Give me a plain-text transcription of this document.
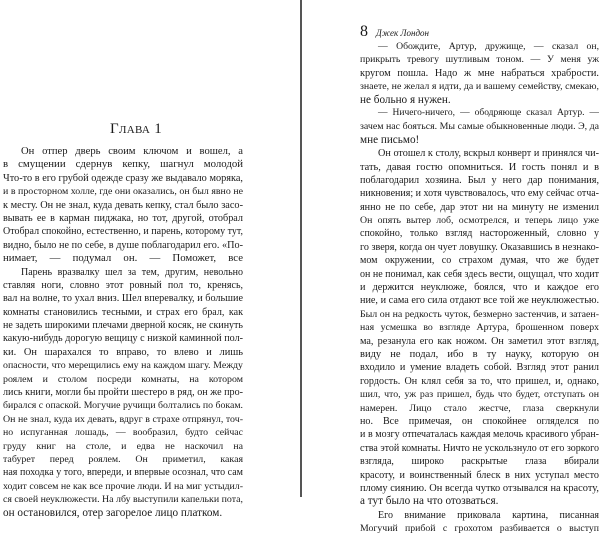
Глава 1
Он отпер дверь своим ключом и вошел, а
в смущении сдернув кепку, шагнул молодой
Что-то в его грубой одежде сразу же выдавало моряка,
и в просторном холле, где они оказались, он был явно не
к месту. Он не знал, куда девать кепку, стал было засо-
вывать ее в карман пиджака, но тот, другой, отобрал
Отобрал спокойно, естественно, и парень, которому тут,
видно, было не по себе, в душе поблагодарил его. «По-
нимает, — подумал он. — Поможет, все
Парень вразвалку шел за тем, другим, невольно
ставляя ноги, словно этот ровный пол то, кренясь,
вал на волне, то ухал вниз. Шел вперевалку, и большие
комнаты становились тесными, и страх его брал, как
не задеть широкими плечами дверной косяк, не скинуть
какую-нибудь дорогую вещицу с низкой каминной пол-
ки. Он шарахался то вправо, то влево и лишь
опасности, что мерещились ему на каждом шагу. Между
роялем и столом посреди комнаты, на котором
лись книги, могли бы пройти шестеро в ряд, он же про-
бирался с опаской. Могучие ручищи болтались по бокам.
Он не знал, куда их девать, вдруг в страхе отпрянул, точ-
но испуганная лошадь, — вообразил, будто сейчас
груду книг на столе, и едва не наскочил на
табурет перед роялем. Он приметил, какая
ная походка у того, впереди, и впервые осознал, что сам
ходит совсем не как все прочие люди. И на миг устыдил-
ся своей неуклюжести. На лбу выступили капельки пота,
он остановился, отер загорелое лицо платком.
8 Джек Лондон
— Обождите, Артур, дружище, — сказал он,
прикрыть тревогу шутливым тоном. — У меня уж
кругом пошла. Надо ж мне набраться храбрости.
знаете, не желал я идти, да и вашему семейству, смекаю,
не больно я нужен.
— Ничего-ничего, — ободряюще сказал Артур. —
зачем нас бояться. Мы самые обыкновенные люди. Э, да
мне письмо!
Он отошел к столу, вскрыл конверт и принялся чи-
тать, давая гостю опомниться. И гость понял и в
поблагодарил хозяина. Был у него дар понимания,
никновения; и хотя чувствовалось, что ему сейчас отча-
янно не по себе, дар этот ни на минуту не изменил
Он опять вытер лоб, осмотрелся, и теперь лицо уже
спокойно, только взгляд настороженный, словно у
го зверя, когда он чует ловушку. Оказавшись в незнако-
мом окружении, со страхом думая, что же будет
он не понимал, как себя здесь вести, ощущал, что ходит
и держится неуклюже, боялся, что и каждое его
ние, и сама его сила отдают все той же неуклюжестью.
Был он на редкость чуток, безмерно застенчив, и затаен-
ная усмешка во взгляде Артура, брошенном поверх
ма, резанула его как ножом. Он заметил этот взгляд,
виду не подал, ибо в ту науку, которую он
входило и умение владеть собой. Взгляд этот ранил
гордость. Он клял себя за то, что пришел, и, однако,
шил, что, уж раз пришел, будь что будет, отступать он
намерен. Лицо стало жестче, глаза сверкнули
но. Все примечая, он спокойнее огляделся по
и в мозгу отпечаталась каждая мелочь красивого убран-
ства этой комнаты. Ничто не ускользнуло от его зоркого
взгляда, широко раскрытые глаза вбирали
красоту, и воинственный блеск в них уступал место
плому сиянию. Он всегда чутко отзывался на красоту,
а тут было на что отозваться.
Его внимание приковала картина, писанная
Могучий прибой с грохотом разбивается о выступ
